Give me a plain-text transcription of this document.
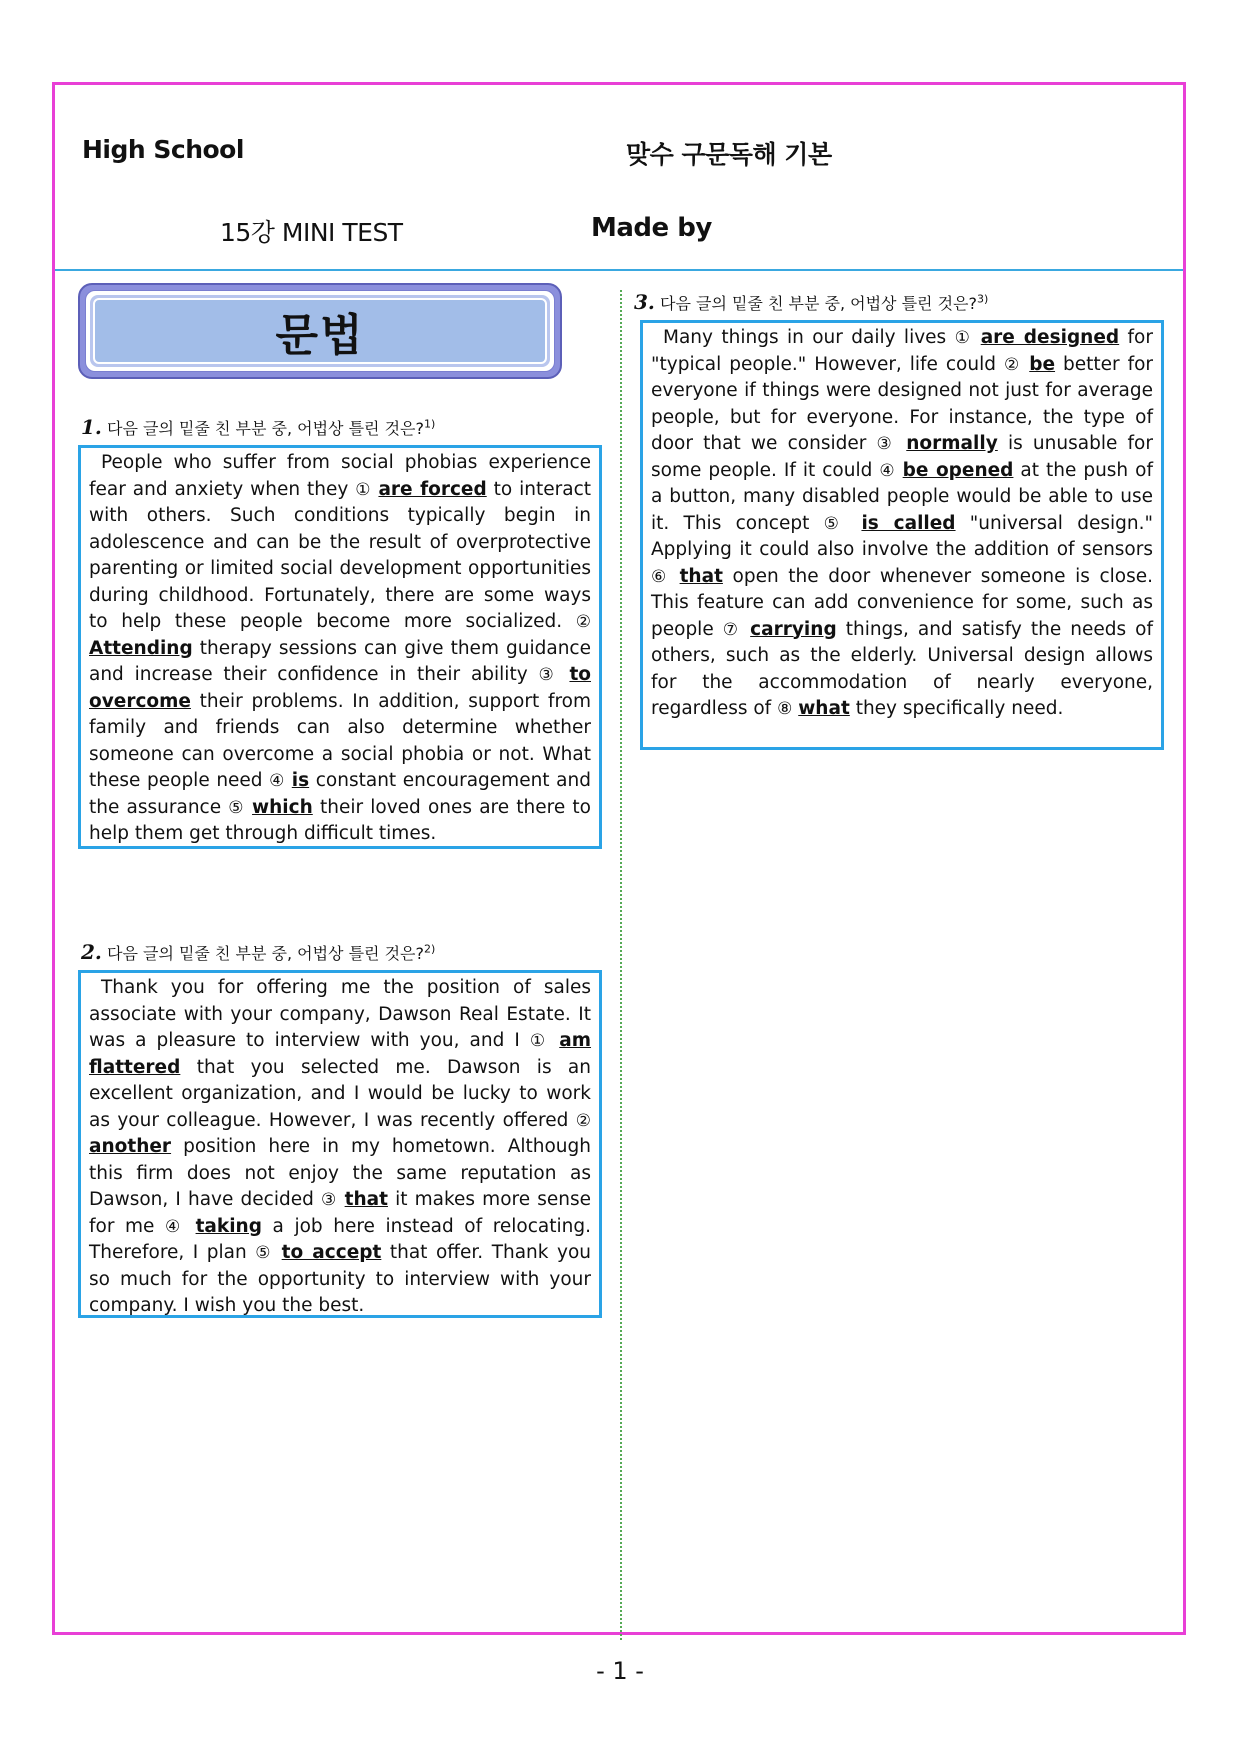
High School	맞수 구문독해 기본
15강 MINI TEST	Made by
문법
1. 다음 글의 밑줄 친 부분 중, 어법상 틀린 것은?$^{1)}$
People who suffer from social phobias experience fear and anxiety when they ① are forced to interact with others. Such conditions typically begin in adolescence and can be the result of overprotective parenting or limited social development opportunities during childhood. Fortunately, there are some ways to help these people become more socialized. ② Attending therapy sessions can give them guidance and increase their confidence in their ability ③ to overcome their problems. In addition, support from family and friends can also determine whether someone can overcome a social phobia or not. What these people need ④ is constant encouragement and the assurance ⑤ which their loved ones are there to help them get through difficult times.
2. 다음 글의 밑줄 친 부분 중, 어법상 틀린 것은?$^{2)}$
Thank you for offering me the position of sales associate with your company, Dawson Real Estate. It was a pleasure to interview with you, and I ① am flattered that you selected me. Dawson is an excellent organization, and I would be lucky to work as your colleague. However, I was recently offered ② another position here in my hometown. Although this firm does not enjoy the same reputation as Dawson, I have decided ③ that it makes more sense for me ④ taking a job here instead of relocating. Therefore, I plan ⑤ to accept that offer. Thank you so much for the opportunity to interview with your company. I wish you the best.
3. 다음 글의 밑줄 친 부분 중, 어법상 틀린 것은?$^{3)}$
Many things in our daily lives ① are designed for "typical people." However, life could ② be better for everyone if things were designed not just for average people, but for everyone. For instance, the type of door that we consider ③ normally is unusable for some people. If it could ④ be opened at the push of a button, many disabled people would be able to use it. This concept ⑤ is called "universal design." Applying it could also involve the addition of sensors ⑥ that open the door whenever someone is close. This feature can add convenience for some, such as people ⑦ carrying things, and satisfy the needs of others, such as the elderly. Universal design allows for the accommodation of nearly everyone, regardless of ⑧ what they specifically need.
- 1 -
